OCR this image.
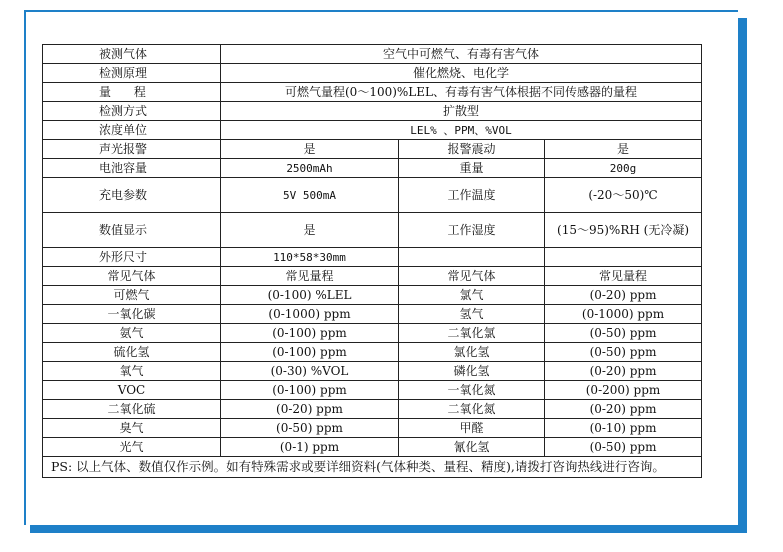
被测气体	空气中可燃气、有毒有害气体		
检测原理	催化燃烧、电化学		
量      程	可燃气量程(0～100)%LEL、有毒有害气体根据不同传感器的量程		
检测方式	扩散型		
浓度单位	LEL% 、PPM、%VOL		
声光报警	是	报警震动	是
电池容量	2500mAh	重量	200g
充电参数	5V 500mA	工作温度	(-20～50)℃
数值显示	是	工作湿度	(15～95)%RH (无冷凝)
外形尺寸	110*58*30mm		
常见气体	常见量程	常见气体	常见量程
可燃气	(0-100) %LEL	氯气	(0-20) ppm
一氧化碳	(0-1000) ppm	氢气	(0-1000) ppm
氨气	(0-100) ppm	二氧化氯	(0-50) ppm
硫化氢	(0-100) ppm	氯化氢	(0-50) ppm
氧气	(0-30) %VOL	磷化氢	(0-20) ppm
VOC	(0-100) ppm	一氧化氮	(0-200) ppm
二氧化硫	(0-20) ppm	二氧化氮	(0-20) ppm
臭气	(0-50) ppm	甲醛	(0-10) ppm
光气	(0-1) ppm	氰化氢	(0-50) ppm
PS: 以上气体、数值仅作示例。如有特殊需求或要详细资料(气体种类、量程、精度),请拨打咨询热线进行咨询。			
